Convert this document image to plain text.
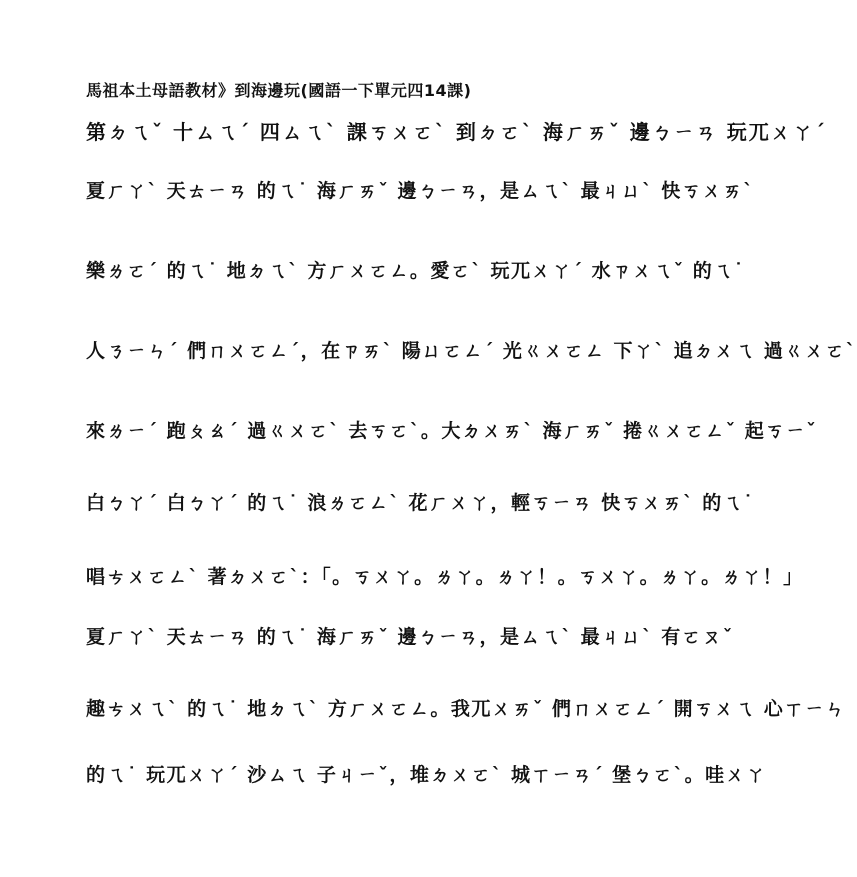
馬祖本土母語教材》到海邊玩(國語一下單元四14課)
第ㄉㄟˇ 十ㄙㄟˊ 四ㄙㄟˋ 課ㄎㄨㄛˋ 到ㄉㄛˋ 海ㄏㄞˇ 邊ㄅㄧㄢ 玩ㄫㄨㄚˊ
夏ㄏㄚˋ 天ㄊㄧㄢ 的ㄟ˙ 海ㄏㄞˇ 邊ㄅㄧㄢ，是ㄙㄟˋ 最ㄐㄩˋ 快ㄎㄨㄞˋ
樂ㄌㄛˊ 的ㄟ˙ 地ㄉㄟˋ 方ㄏㄨㄛㄥ。愛ㄛˋ 玩ㄫㄨㄚˊ 水ㄗㄨㄟˇ 的ㄟ˙
人ㄋㄧㄣˊ 們ㄇㄨㄛㄥˊ，在ㄗㄞˋ 陽ㄩㄛㄥˊ 光ㄍㄨㄛㄥ 下ㄚˋ 追ㄉㄨㄟ 過ㄍㄨㄛˋ
來ㄌㄧˊ 跑ㄆㄠˊ 過ㄍㄨㄛˋ 去ㄎㄛˋ。大ㄉㄨㄞˋ 海ㄏㄞˇ 捲ㄍㄨㄛㄥˇ 起ㄎㄧˇ
白ㄅㄚˊ 白ㄅㄚˊ 的ㄟ˙ 浪ㄌㄛㄥˋ 花ㄏㄨㄚ，輕ㄎㄧㄢ 快ㄎㄨㄞˋ 的ㄟ˙
唱ㄘㄨㄛㄥˋ 著ㄉㄨㄛˋ：「。ㄎㄨㄚ。ㄌㄚ。ㄌㄚ！。ㄎㄨㄚ。ㄌㄚ。ㄌㄚ！」
夏ㄏㄚˋ 天ㄊㄧㄢ 的ㄟ˙ 海ㄏㄞˇ 邊ㄅㄧㄢ，是ㄙㄟˋ 最ㄐㄩˋ 有ㄛㄡˇ
趣ㄘㄨㄟˋ 的ㄟ˙ 地ㄉㄟˋ 方ㄏㄨㄛㄥ。我ㄫㄨㄞˇ 們ㄇㄨㄛㄥˊ 開ㄎㄨㄟ 心ㄒㄧㄣ
的ㄟ˙ 玩ㄫㄨㄚˊ 沙ㄙㄟ 子ㄐㄧˇ，堆ㄉㄨㄛˋ 城ㄒㄧㄢˊ 堡ㄅㄛˋ。哇ㄨㄚ
